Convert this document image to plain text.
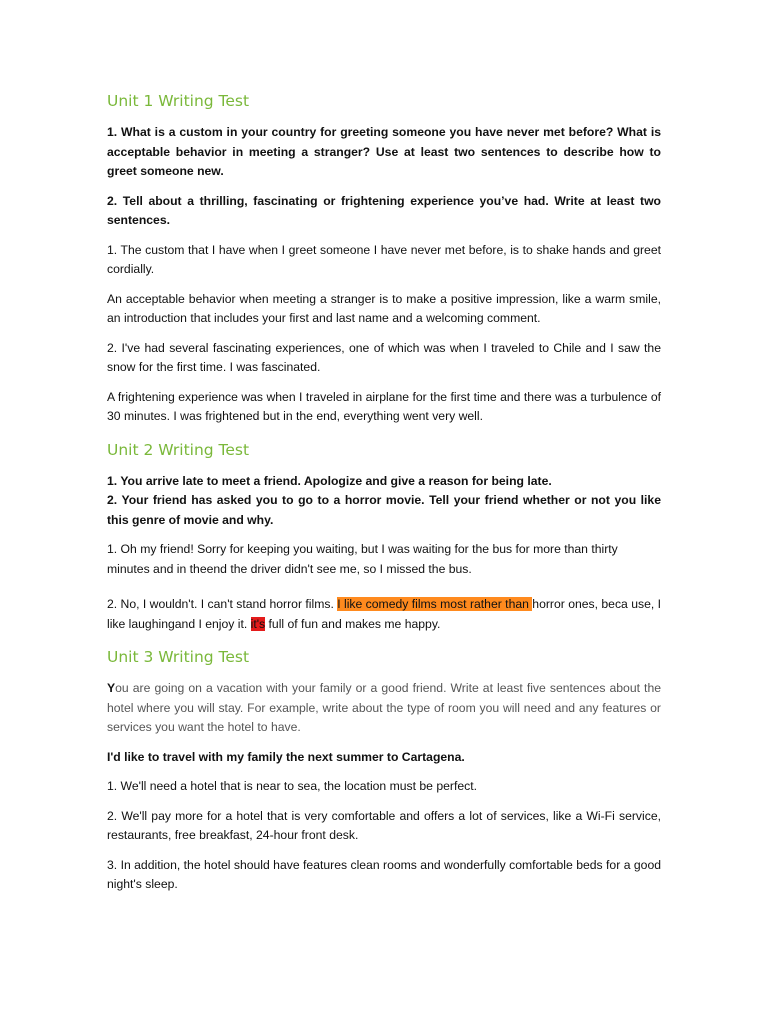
Unit 1 Writing Test

1. What is a custom in your country for greeting someone you have never met before? What is acceptable behavior in meeting a stranger? Use at least two sentences to describe how to greet someone new.

2. Tell about a thrilling, fascinating or frightening experience you’ve had. Write at least two sentences.

1. The custom that I have when I greet someone I have never met before, is to shake hands and greet cordially.

An acceptable behavior when meeting a stranger is to make a positive impression, like a warm smile, an introduction that includes your first and last name and a welcoming comment.

2. I've had several fascinating experiences, one of which was when I traveled to Chile and I saw the snow for the first time. I was fascinated.

A frightening experience was when I traveled in airplane for the first time and there was a turbulence of 30 minutes. I was frightened but in the end, everything went very well.

Unit 2 Writing Test

1. You arrive late to meet a friend. Apologize and give a reason for being late.
2. Your friend has asked you to go to a horror movie. Tell your friend whether or not you like this genre of movie and why.

1. Oh my friend! Sorry for keeping you waiting, but I was waiting for the bus for more than thirty minutes and in theend the driver didn't see me, so I missed the bus.

2. No, I wouldn't. I can't stand horror films. I like comedy films most rather than horror ones, beca use, I like laughingand I enjoy it. it's full of fun and makes me happy.

Unit 3 Writing Test

You are going on a vacation with your family or a good friend. Write at least five sentences about the hotel where you will stay. For example, write about the type of room you will need and any features or services you want the hotel to have.

I'd like to travel with my family the next summer to Cartagena.

1. We'll need a hotel that is near to sea, the location must be perfect.

2. We'll pay more for a hotel that is very comfortable and offers a lot of services, like a Wi-Fi service, restaurants, free breakfast, 24-hour front desk.

3. In addition, the hotel should have features clean rooms and wonderfully comfortable beds for a good night's sleep.
